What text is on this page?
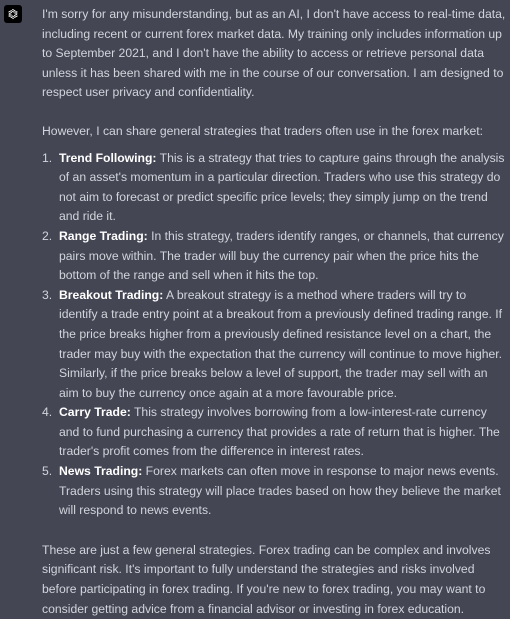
I'm sorry for any misunderstanding, but as an AI, I don't have access to real-time data, including recent or current forex market data. My training only includes information up to September 2021, and I don't have the ability to access or retrieve personal data unless it has been shared with me in the course of our conversation. I am designed to respect user privacy and confidentiality.

However, I can share general strategies that traders often use in the forex market:

1. Trend Following: This is a strategy that tries to capture gains through the analysis of an asset's momentum in a particular direction. Traders who use this strategy do not aim to forecast or predict specific price levels; they simply jump on the trend and ride it.
2. Range Trading: In this strategy, traders identify ranges, or channels, that currency pairs move within. The trader will buy the currency pair when the price hits the bottom of the range and sell when it hits the top.
3. Breakout Trading: A breakout strategy is a method where traders will try to identify a trade entry point at a breakout from a previously defined trading range. If the price breaks higher from a previously defined resistance level on a chart, the trader may buy with the expectation that the currency will continue to move higher. Similarly, if the price breaks below a level of support, the trader may sell with an aim to buy the currency once again at a more favourable price.
4. Carry Trade: This strategy involves borrowing from a low-interest-rate currency and to fund purchasing a currency that provides a rate of return that is higher. The trader's profit comes from the difference in interest rates.
5. News Trading: Forex markets can often move in response to major news events. Traders using this strategy will place trades based on how they believe the market will respond to news events.

These are just a few general strategies. Forex trading can be complex and involves significant risk. It's important to fully understand the strategies and risks involved before participating in forex trading. If you're new to forex trading, you may want to consider getting advice from a financial advisor or investing in forex education.
